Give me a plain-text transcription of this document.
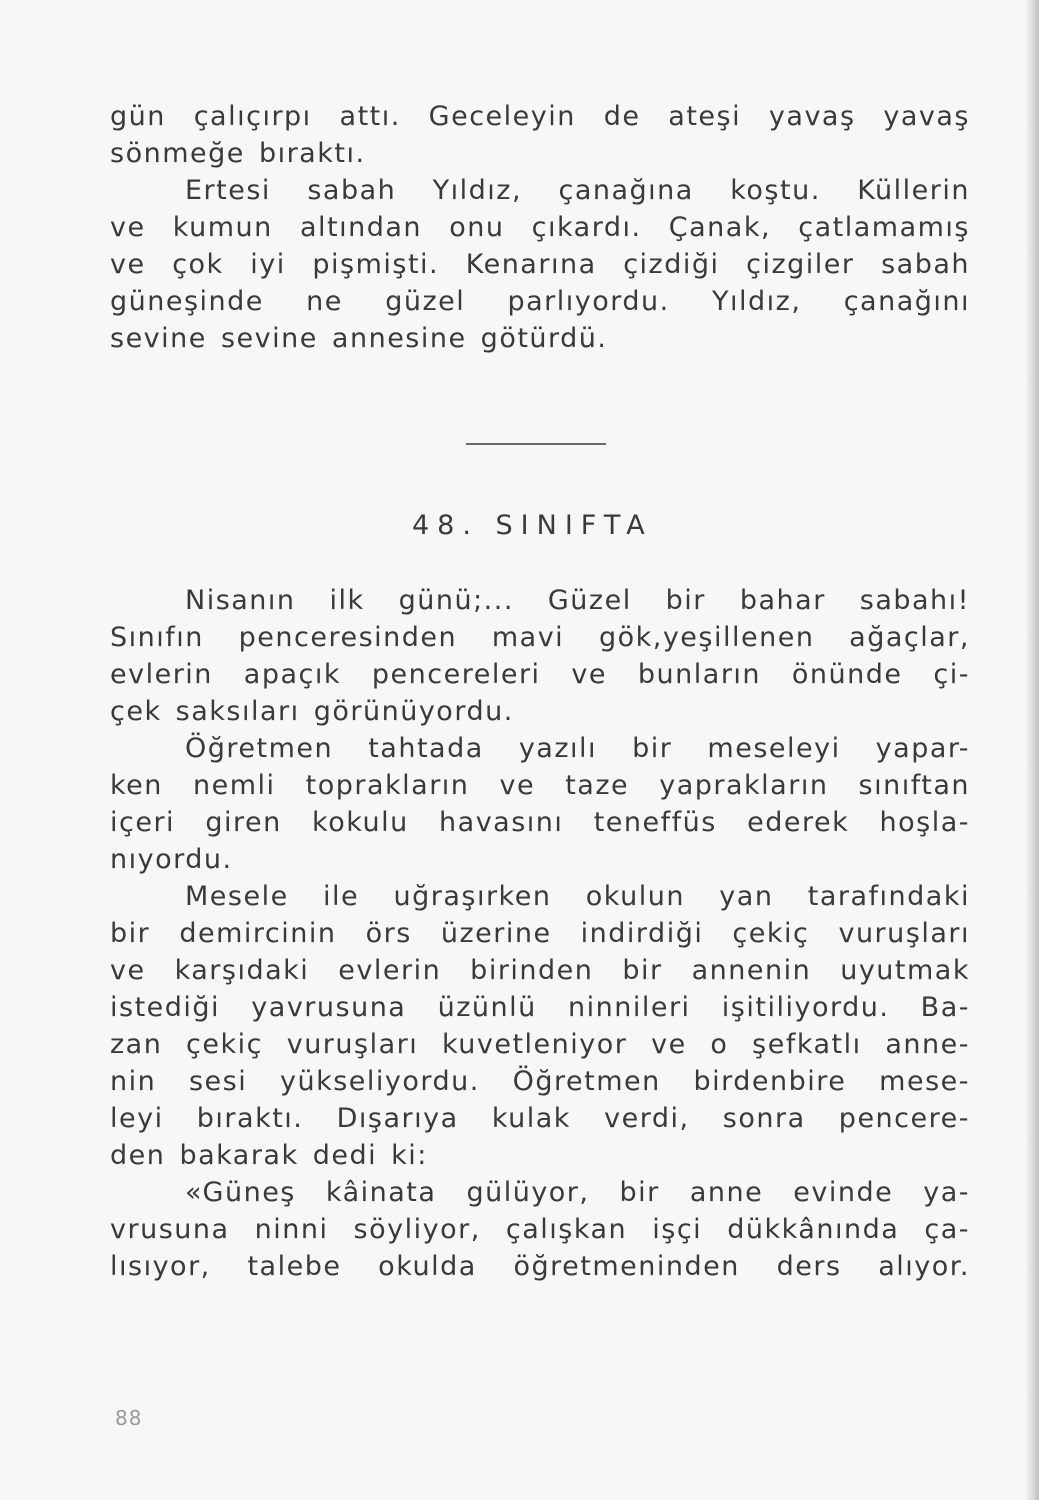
gün çalıçırpı attı. Geceleyin de ateşi yavaş yavaş
sönmeğe bıraktı.
Ertesi sabah Yıldız, çanağına koştu. Küllerin
ve kumun altından onu çıkardı. Çanak, çatlamamış
ve çok iyi pişmişti. Kenarına çizdiği çizgiler sabah
güneşinde ne güzel parlıyordu. Yıldız, çanağını
sevine sevine annesine götürdü.
48. SINIFTA
Nisanın ilk günü;... Güzel bir bahar sabahı!
Sınıfın penceresinden mavi gök,yeşillenen ağaçlar,
evlerin apaçık pencereleri ve bunların önünde çi-
çek saksıları görünüyordu.
Öğretmen tahtada yazılı bir meseleyi yapar-
ken nemli toprakların ve taze yaprakların sınıftan
içeri giren kokulu havasını teneffüs ederek hoşla-
nıyordu.
Mesele ile uğraşırken okulun yan tarafındaki
bir demircinin örs üzerine indirdiği çekiç vuruşları
ve karşıdaki evlerin birinden bir annenin uyutmak
istediği yavrusuna üzünlü ninnileri işitiliyordu. Ba-
zan çekiç vuruşları kuvetleniyor ve o şefkatlı anne-
nin sesi yükseliyordu. Öğretmen birdenbire mese-
leyi bıraktı. Dışarıya kulak verdi, sonra pencere-
den bakarak dedi ki:
«Güneş kâinata gülüyor, bir anne evinde ya-
vrusuna ninni söyliyor, çalışkan işçi dükkânında ça-
lısıyor, talebe okulda öğretmeninden ders alıyor.
88
